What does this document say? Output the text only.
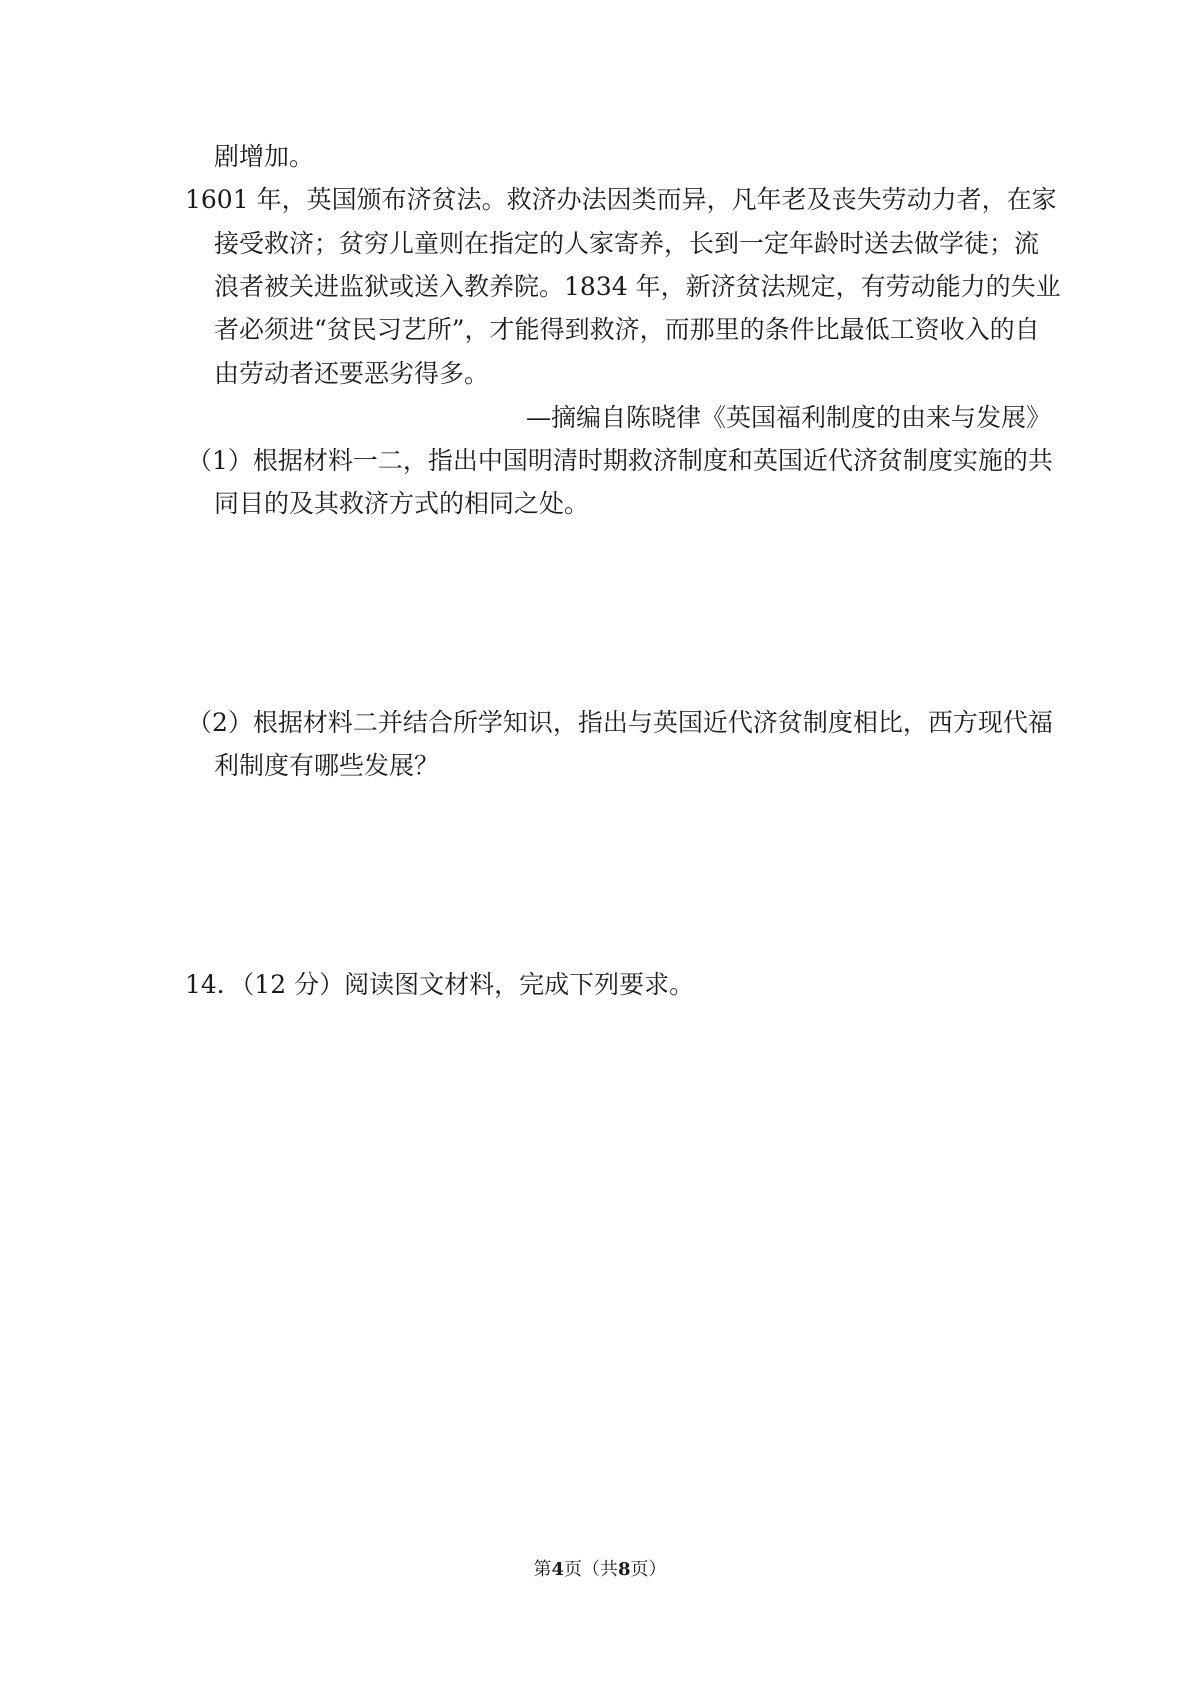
剧增加。
1601 年，英国颁布济贫法。救济办法因类而异，凡年老及丧失劳动力者，在家
接受救济；贫穷儿童则在指定的人家寄养，长到一定年龄时送去做学徒；流
浪者被关进监狱或送入教养院。1834 年，新济贫法规定，有劳动能力的失业
者必须进“贫民习艺所”，才能得到救济，而那里的条件比最低工资收入的自
由劳动者还要恶劣得多。
—摘编自陈晓律《英国福利制度的由来与发展》
（1）根据材料一二，指出中国明清时期救济制度和英国近代济贫制度实施的共
同目的及其救济方式的相同之处。
（2）根据材料二并结合所学知识，指出与英国近代济贫制度相比，西方现代福
利制度有哪些发展？
14．（12 分）阅读图文材料，完成下列要求。
第4页（共8页）
